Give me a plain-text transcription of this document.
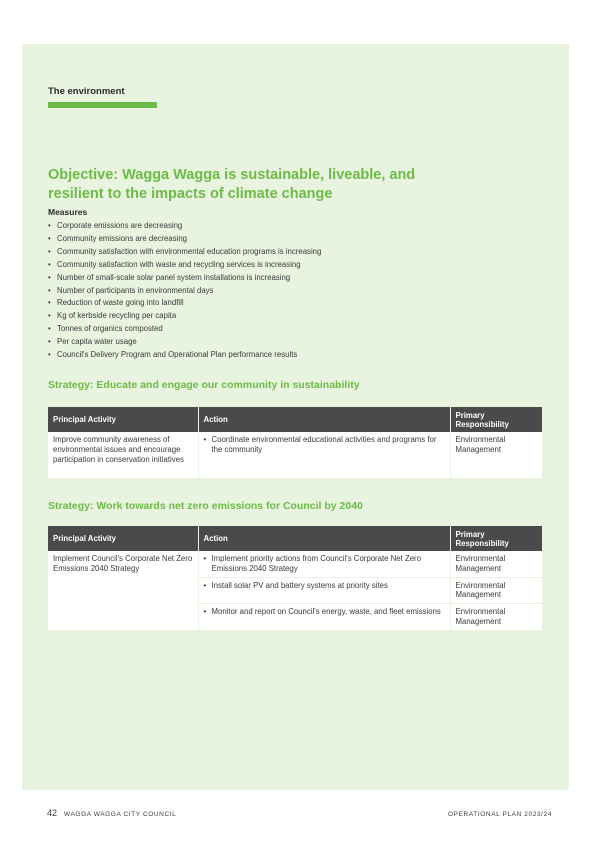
The environment
Objective: Wagga Wagga is sustainable, liveable, and resilient to the impacts of climate change
Measures
• Corporate emissions are decreasing
• Community emissions are decreasing
• Community satisfaction with environmental education programs is increasing
• Community satisfaction with waste and recycling services is increasing
• Number of small-scale solar panel system installations is increasing
• Number of participants in environmental days
• Reduction of waste going into landfill
• Kg of kerbside recycling per capita
• Tonnes of organics composted
• Per capita water usage
• Council's Delivery Program and Operational Plan performance results
Strategy: Educate and engage our community in sustainability
Principal Activity	Action	Primary Responsibility
Improve community awareness of environmental issues and encourage participation in conservation initiatives	• Coordinate environmental educational activities and programs for the community	Environmental Management
Strategy: Work towards net zero emissions for Council by 2040
Principal Activity	Action	Primary Responsibility
Implement Council's Corporate Net Zero Emissions 2040 Strategy	• Implement priority actions from Council's Corporate Net Zero Emissions 2040 Strategy	Environmental Management

	• Install solar PV and battery systems at priority sites	Environmental Management

	• Monitor and report on Council's energy, waste, and fleet emissions	Environmental Management
42 WAGGA WAGGA CITY COUNCIL	OPERATIONAL PLAN 2023/24
